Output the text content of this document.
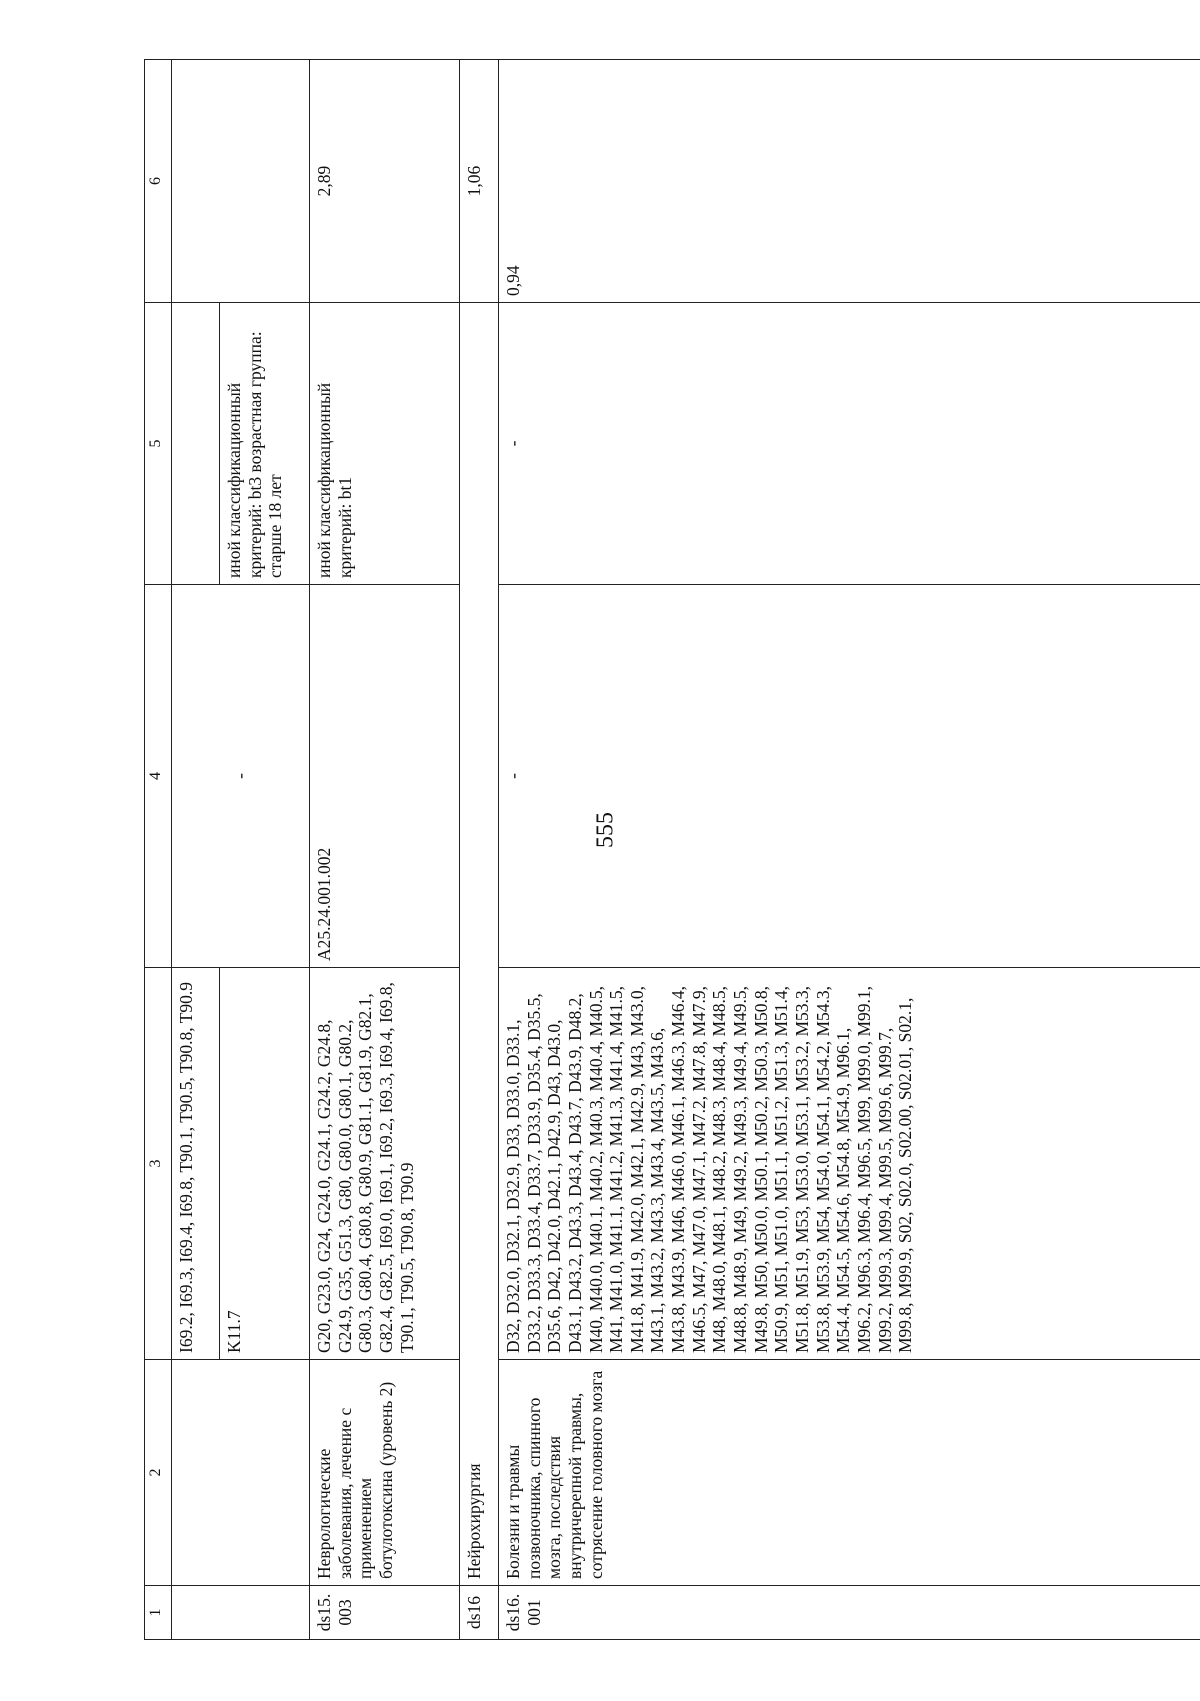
555
1	2	3	4	5	6
		I69.2, I69.3, I69.4, I69.8, T90.1, T90.5, T90.8, T90.9	-		
		K11.7		иной классификационный критерий: bt3 возрастная группа: старше 18 лет	
ds15.003	Неврологические заболевания, лечение с применением ботулотоксина (уровень 2)	G20, G23.0, G24, G24.0, G24.1, G24.2, G24.8, G24.9, G35, G51.3, G80, G80.0, G80.1, G80.2, G80.3, G80.4, G80.8, G80.9, G81.1, G81.9, G82.1, G82.4, G82.5, I69.0, I69.1, I69.2, I69.3, I69.4, I69.8, T90.1, T90.5, T90.8, T90.9	A25.24.001.002	иной классификационный критерий: bt1	2,89
ds16	Нейрохирургия				1,06
ds16.001	Болезни и травмы позвоночника, спинного мозга, последствия внутричерепной травмы, сотрясение головного мозга	D32, D32.0, D32.1, D32.9, D33, D33.0, D33.1, D33.2, D33.3, D33.4, D33.7, D33.9, D35.4, D35.5, D35.6, D42, D42.0, D42.1, D42.9, D43, D43.0, D43.1, D43.2, D43.3, D43.4, D43.7, D43.9, D48.2, M40, M40.0, M40.1, M40.2, M40.3, M40.4, M40.5, M41, M41.0, M41.1, M41.2, M41.3, M41.4, M41.5, M41.8, M41.9, M42.0, M42.1, M42.9, M43, M43.0, M43.1, M43.2, M43.3, M43.4, M43.5, M43.6, M43.8, M43.9, M46, M46.0, M46.1, M46.3, M46.4, M46.5, M47, M47.0, M47.1, M47.2, M47.8, M47.9, M48, M48.0, M48.1, M48.2, M48.3, M48.4, M48.5, M48.8, M48.9, M49, M49.2, M49.3, M49.4, M49.5, M49.8, M50, M50.0, M50.1, M50.2, M50.3, M50.8, M50.9, M51, M51.0, M51.1, M51.2, M51.3, M51.4, M51.8, M51.9, M53, M53.0, M53.1, M53.2, M53.3, M53.8, M53.9, M54, M54.0, M54.1, M54.2, M54.3, M54.4, M54.5, M54.6, M54.8, M54.9, M96.1, M96.2, M96.3, M96.4, M96.5, M99, M99.0, M99.1, M99.2, M99.3, M99.4, M99.5, M99.6, M99.7, M99.8, M99.9, S02, S02.0, S02.00, S02.01, S02.1,	-	-	0,94
